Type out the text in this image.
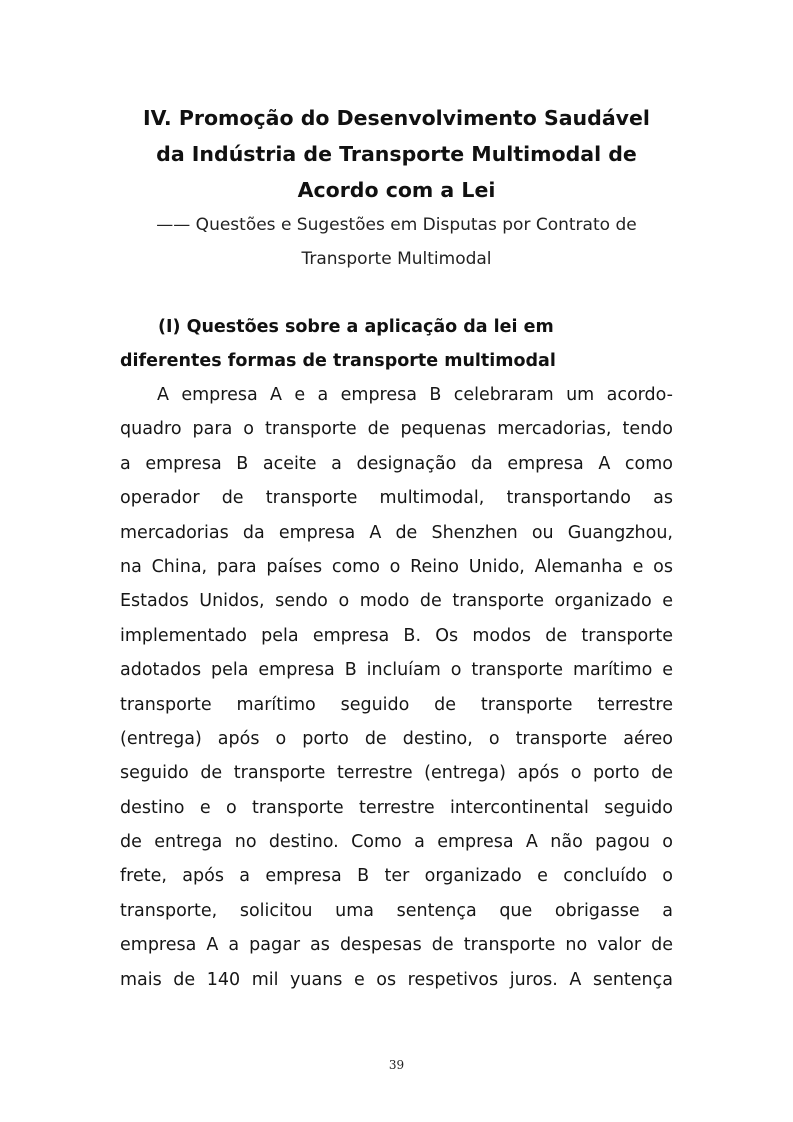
IV. Promoção do Desenvolvimento Saudável
da Indústria de Transporte Multimodal de
Acordo com a Lei
—— Questões e Sugestões em Disputas por Contrato de
Transporte Multimodal
(I) Questões sobre a aplicação da lei em
diferentes formas de transporte multimodal
A empresa A e a empresa B celebraram um acordo-
quadro para o transporte de pequenas mercadorias, tendo
a empresa B aceite a designação da empresa A como
operador de transporte multimodal, transportando as
mercadorias da empresa A de Shenzhen ou Guangzhou,
na China, para países como o Reino Unido, Alemanha e os
Estados Unidos, sendo o modo de transporte organizado e
implementado pela empresa B. Os modos de transporte
adotados pela empresa B incluíam o transporte marítimo e
transporte marítimo seguido de transporte terrestre
(entrega) após o porto de destino, o transporte aéreo
seguido de transporte terrestre (entrega) após o porto de
destino e o transporte terrestre intercontinental seguido
de entrega no destino. Como a empresa A não pagou o
frete, após a empresa B ter organizado e concluído o
transporte, solicitou uma sentença que obrigasse a
empresa A a pagar as despesas de transporte no valor de
mais de 140 mil yuans e os respetivos juros. A sentença
39
